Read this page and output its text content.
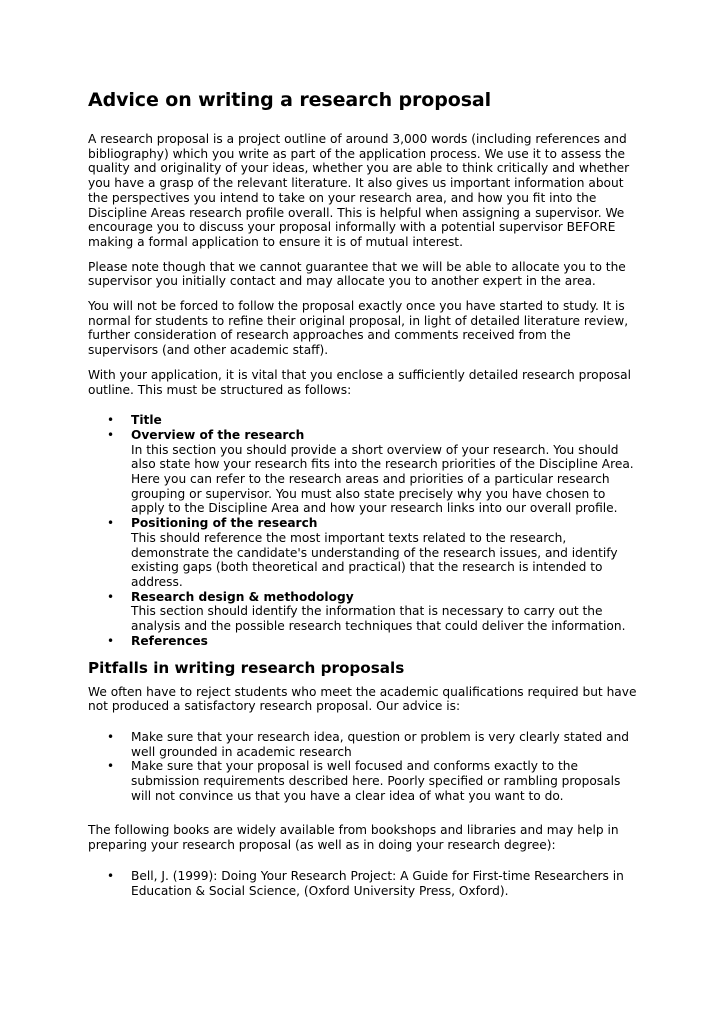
Advice on writing a research proposal

A research proposal is a project outline of around 3,000 words (including references and bibliography) which you write as part of the application process. We use it to assess the quality and originality of your ideas, whether you are able to think critically and whether you have a grasp of the relevant literature. It also gives us important information about the perspectives you intend to take on your research area, and how you fit into the Discipline Areas research profile overall. This is helpful when assigning a supervisor. We encourage you to discuss your proposal informally with a potential supervisor BEFORE making a formal application to ensure it is of mutual interest.

Please note though that we cannot guarantee that we will be able to allocate you to the supervisor you initially contact and may allocate you to another expert in the area.

You will not be forced to follow the proposal exactly once you have started to study. It is normal for students to refine their original proposal, in light of detailed literature review, further consideration of research approaches and comments received from the supervisors (and other academic staff).

With your application, it is vital that you enclose a sufficiently detailed research proposal outline. This must be structured as follows:

• Title
• Overview of the research
In this section you should provide a short overview of your research. You should also state how your research fits into the research priorities of the Discipline Area. Here you can refer to the research areas and priorities of a particular research grouping or supervisor. You must also state precisely why you have chosen to apply to the Discipline Area and how your research links into our overall profile.
• Positioning of the research
This should reference the most important texts related to the research, demonstrate the candidate's understanding of the research issues, and identify existing gaps (both theoretical and practical) that the research is intended to address.
• Research design & methodology
This section should identify the information that is necessary to carry out the analysis and the possible research techniques that could deliver the information.
• References
Pitfalls in writing research proposals

We often have to reject students who meet the academic qualifications required but have not produced a satisfactory research proposal. Our advice is:

• Make sure that your research idea, question or problem is very clearly stated and well grounded in academic research
• Make sure that your proposal is well focused and conforms exactly to the submission requirements described here. Poorly specified or rambling proposals will not convince us that you have a clear idea of what you want to do.

The following books are widely available from bookshops and libraries and may help in preparing your research proposal (as well as in doing your research degree):

• Bell, J. (1999): Doing Your Research Project: A Guide for First-time Researchers in Education & Social Science, (Oxford University Press, Oxford).
